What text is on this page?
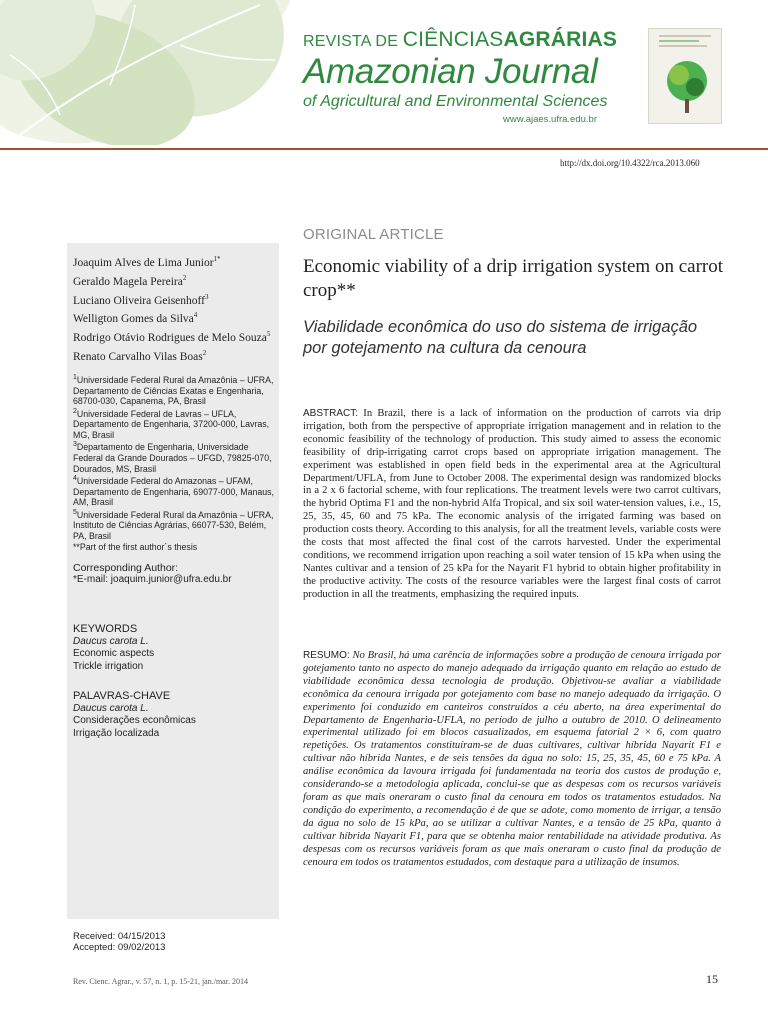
REVISTA DE CIÊNCIASAGRÁRIAS
Amazonian Journal
of Agricultural and Environmental Sciences
www.ajaes.ufra.edu.br
http://dx.doi.org/10.4322/rca.2013.060
Joaquim Alves de Lima Junior$^{1*}$
Geraldo Magela Pereira$^2$
Luciano Oliveira Geisenhoff$^3$
Welligton Gomes da Silva$^4$
Rodrigo Otávio Rodrigues de Melo Souza$^5$
Renato Carvalho Vilas Boas$^2$
$^1$Universidade Federal Rural da Amazônia – UFRA, Departamento de Ciências Exatas e Engenharia, 68700-030, Capanema, PA, Brasil
$^2$Universidade Federal de Lavras – UFLA, Departamento de Engenharia, 37200-000, Lavras, MG, Brasil
$^3$Departamento de Engenharia, Universidade Federal da Grande Dourados – UFGD, 79825-070, Dourados, MS, Brasil
$^4$Universidade Federal do Amazonas – UFAM, Departamento de Engenharia, 69077-000, Manaus, AM, Brasil
$^5$Universidade Federal Rural da Amazônia – UFRA, Instituto de Ciências Agrárias, 66077-530, Belém, PA, Brasil
**Part of the first author´s thesis
Corresponding Author:
*E-mail: joaquim.junior@ufra.edu.br
KEYWORDS
Daucus carota L.
Economic aspects
Trickle irrigation
PALAVRAS-CHAVE
Daucus carota L.
Considerações econômicas
Irrigação localizada
Received: 04/15/2013
Accepted: 09/02/2013
ORIGINAL ARTICLE
Economic viability of a drip irrigation system on carrot crop**
Viabilidade econômica do uso do sistema de irrigação por gotejamento na cultura da cenoura
ABSTRACT: In Brazil, there is a lack of information on the production of carrots via drip irrigation, both from the perspective of appropriate irrigation management and in relation to the economic feasibility of the technology of production. This study aimed to assess the economic feasibility of drip-irrigating carrot crops based on appropriate irrigation management. The experiment was established in open field beds in the experimental area at the Agricultural Department/UFLA, from June to October 2008. The experimental design was randomized blocks in a 2 x 6 factorial scheme, with four replications. The treatment levels were two carrot cultivars, the hybrid Optima F1 and the non-hybrid Alfa Tropical, and six soil water-tension values, i.e., 15, 25, 35, 45, 60 and 75 kPa. The economic analysis of the irrigated farming was based on production costs theory. According to this analysis, for all the treatment levels, variable costs were the costs that most affected the final cost of the carrots harvested. Under the experimental conditions, we recommend irrigation upon reaching a soil water tension of 15 kPa when using the Nantes cultivar and a tension of 25 kPa for the Nayarit F1 hybrid to obtain higher profitability in the productive activity. The costs of the resource variables were the largest final costs of carrot production in all the treatments, emphasizing the required inputs.
RESUMO: No Brasil, há uma carência de informações sobre a produção de cenoura irrigada por gotejamento tanto no aspecto do manejo adequado da irrigação quanto em relação ao estudo de viabilidade econômica dessa tecnologia de produção. Objetivou-se avaliar a viabilidade econômica da cenoura irrigada por gotejamento com base no manejo adequado da irrigação. O experimento foi conduzido em canteiros construídos a céu aberto, na área experimental do Departamento de Engenharia-UFLA, no período de julho a outubro de 2010. O delineamento experimental utilizado foi em blocos casualizados, em esquema fatorial 2 × 6, com quatro repetições. Os tratamentos constituíram-se de duas cultivares, cultivar híbrida Nayarit F1 e cultivar não híbrida Nantes, e de seis tensões da água no solo: 15, 25, 35, 45, 60 e 75 kPa. A análise econômica da lavoura irrigada foi fundamentada na teoria dos custos de produção e, considerando-se a metodologia aplicada, conclui-se que as despesas com os recursos variáveis foram as que mais oneraram o custo final da cenoura em todos os tratamentos estudados. Na condição do experimento, a recomendação é de que se adote, como momento de irrigar, a tensão da água no solo de 15 kPa, ao se utilizar a cultivar Nantes, e a tensão de 25 kPa, quanto à cultivar híbrida Nayarit F1, para que se obtenha maior rentabilidade na atividade produtiva. As despesas com os recursos variáveis foram as que mais oneraram o custo final da produção de cenoura em todos os tratamentos estudados, com destaque para a utilização de insumos.
Rev. Cienc. Agrar., v. 57, n. 1, p. 15-21, jan./mar. 2014	15
